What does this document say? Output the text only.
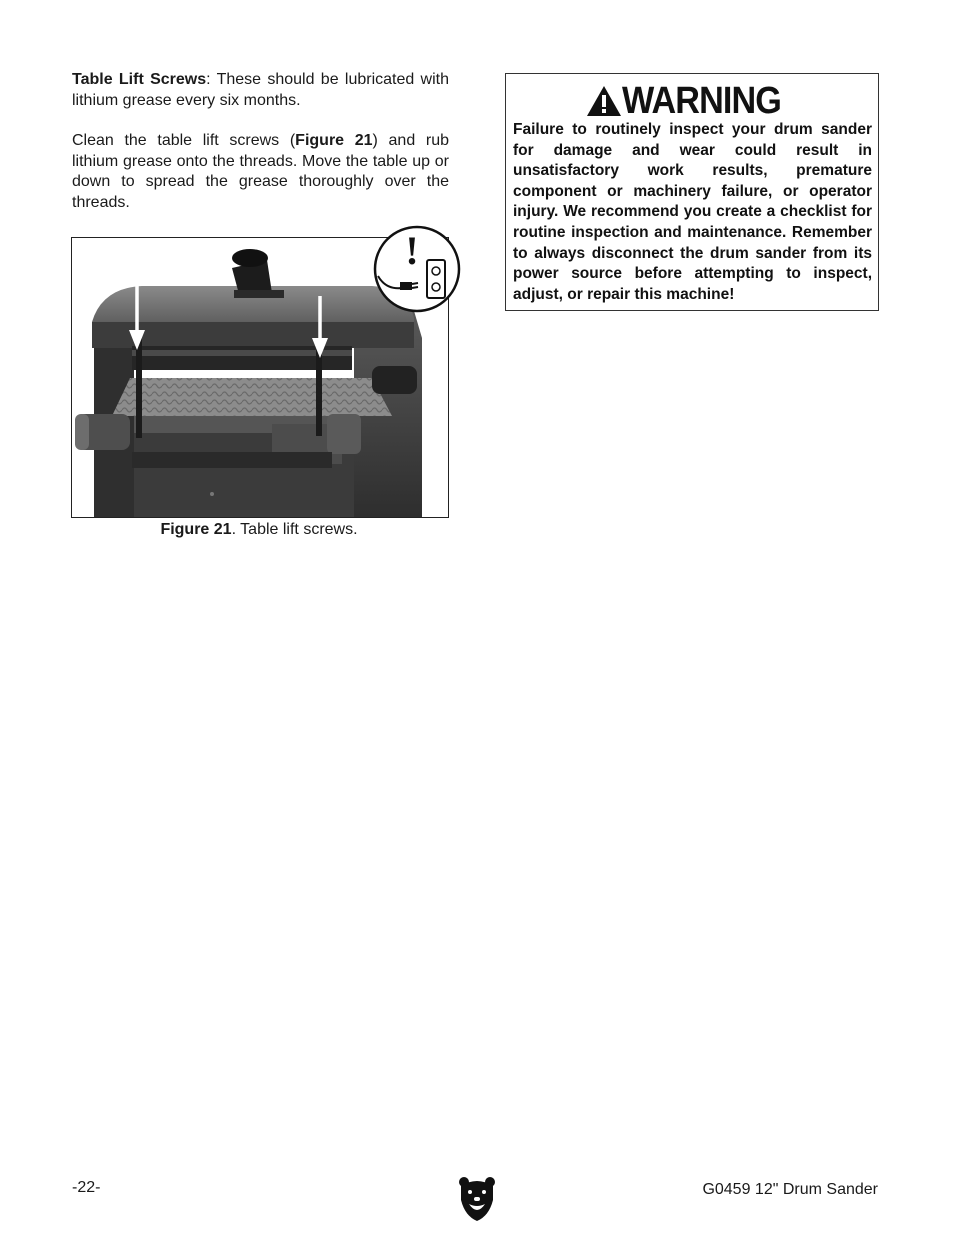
Table Lift Screws: These should be lubricated with lithium grease every six months.

Clean the table lift screws (Figure 21) and rub lithium grease onto the threads. Move the table up or down to spread the grease thoroughly over the threads.

!
Figure 21. Table lift screws.
WARNING

Failure to routinely inspect your drum sander for damage and wear could result in unsatisfactory work results, premature component or machinery failure, or operator injury. We recommend you create a checklist for routine inspection and maintenance. Remember to always disconnect the drum sander from its power source before attempting to inspect, adjust, or repair this machine!

-22-	G0459 12" Drum Sander
